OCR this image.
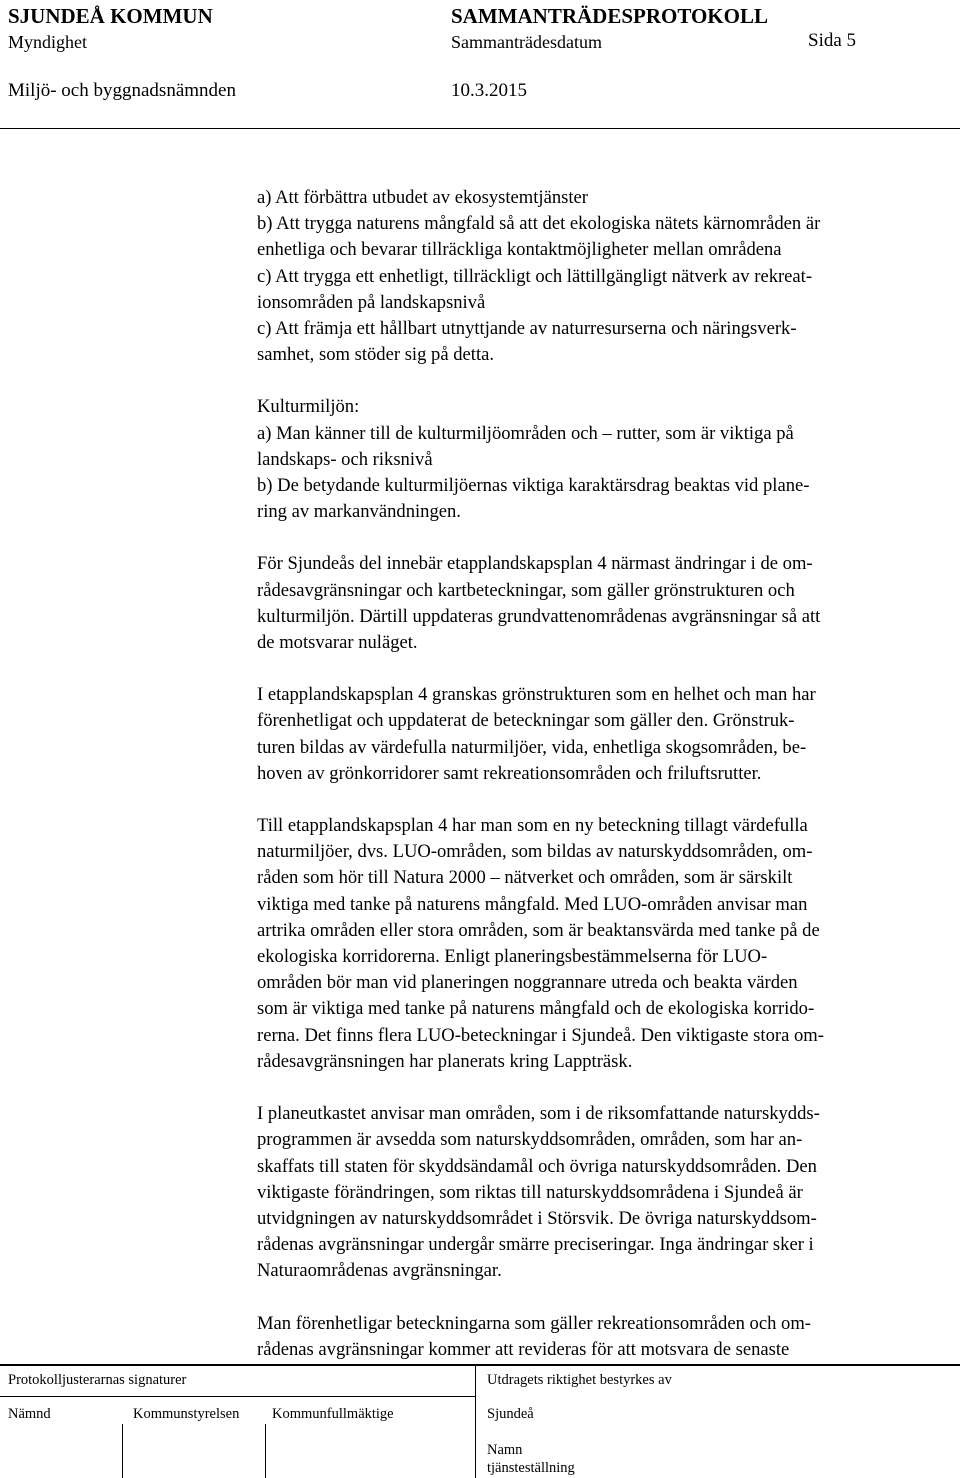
SJUNDEÅ KOMMUN	SAMMANTRÄDESPROTOKOLL
Myndighet	Sammanträdesdatum	Sida 5
Miljö- och byggnadsnämnden	10.3.2015

a) Att förbättra utbudet av ekosystemtjänster
b) Att trygga naturens mångfald så att det ekologiska nätets kärnområden är
enhetliga och bevarar tillräckliga kontaktmöjligheter mellan områdena
c) Att trygga ett enhetligt, tillräckligt och lättillgängligt nätverk av rekreat-
ionsområden på landskapsnivå
c) Att främja ett hållbart utnyttjande av naturresurserna och näringsverk-
samhet, som stöder sig på detta.

Kulturmiljön:
a) Man känner till de kulturmiljöområden och – rutter, som är viktiga på
landskaps- och riksnivå
b) De betydande kulturmiljöernas viktiga karaktärsdrag beaktas vid plane-
ring av markanvändningen.

För Sjundeås del innebär etapplandskapsplan 4 närmast ändringar i de om-
rådesavgränsningar och kartbeteckningar, som gäller grönstrukturen och
kulturmiljön. Därtill uppdateras grundvattenområdenas avgränsningar så att
de motsvarar nuläget.

I etapplandskapsplan 4 granskas grönstrukturen som en helhet och man har
förenhetligat och uppdaterat de beteckningar som gäller den. Grönstruk-
turen bildas av värdefulla naturmiljöer, vida, enhetliga skogsområden, be-
hoven av grönkorridorer samt rekreationsområden och friluftsrutter.

Till etapplandskapsplan 4 har man som en ny beteckning tillagt värdefulla
naturmiljöer, dvs. LUO-områden, som bildas av naturskyddsområden, om-
råden som hör till Natura 2000 – nätverket och områden, som är särskilt
viktiga med tanke på naturens mångfald. Med LUO-områden anvisar man
artrika områden eller stora områden, som är beaktansvärda med tanke på de
ekologiska korridorerna. Enligt planeringsbestämmelserna för LUO-
områden bör man vid planeringen noggrannare utreda och beakta värden
som är viktiga med tanke på naturens mångfald och de ekologiska korrido-
rerna. Det finns flera LUO-beteckningar i Sjundeå. Den viktigaste stora om-
rådesavgränsningen har planerats kring Lappträsk.

I planeutkastet anvisar man områden, som i de riksomfattande naturskydds-
programmen är avsedda som naturskyddsområden, områden, som har an-
skaffats till staten för skyddsändamål och övriga naturskyddsområden. Den
viktigaste förändringen, som riktas till naturskyddsområdena i Sjundeå är
utvidgningen av naturskyddsområdet i Störsvik. De övriga naturskyddsom-
rådenas avgränsningar undergår smärre preciseringar. Inga ändringar sker i
Naturaområdenas avgränsningar.

Man förenhetligar beteckningarna som gäller rekreationsområden och om-
rådenas avgränsningar kommer att revideras för att motsvara de senaste

Protokolljusterarnas signaturer
Nämnd	Kommunstyrelsen Kommunfullmäktige
Utdragets riktighet bestyrkes av
Sjundeå
Namn
tjänsteställning
